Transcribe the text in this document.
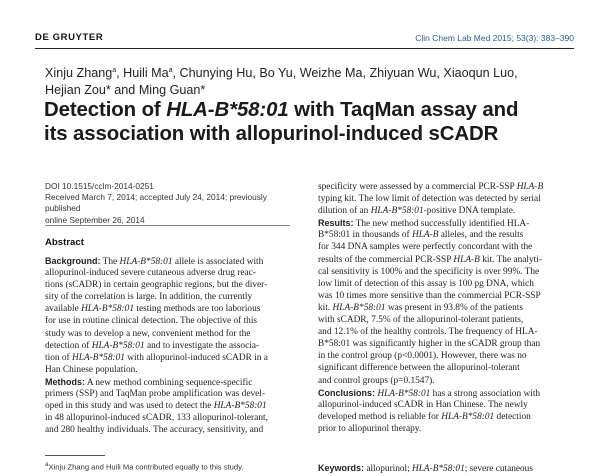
DE GRUYTER	Clin Chem Lab Med 2015; 53(3): 383–390
Xinju Zhang$^a$, Huili Ma$^a$, Chunying Hu, Bo Yu, Weizhe Ma, Zhiyuan Wu, Xiaoqun Luo,
Hejian Zou* and Ming Guan*
Detection of HLA-B*58:01 with TaqMan assay and
its association with allopurinol-induced sCADR
DOI 10.1515/cclm-2014-0251
Received March 7, 2014; accepted July 24, 2014; previously published
online September 26, 2014
Abstract
Background: The HLA-B*58:01 allele is associated with
allopurinol-induced severe cutaneous adverse drug reac-
tions (sCADR) in certain geographic regions, but the diver-
sity of the correlation is large. In addition, the currently
available HLA-B*58:01 testing methods are too laborious
for use in routine clinical detection. The objective of this
study was to develop a new, convenient method for the
detection of HLA-B*58:01 and to investigate the associa-
tion of HLA-B*58:01 with allopurinol-induced sCADR in a
Han Chinese population.
Methods: A new method combining sequence-specific
primers (SSP) and TaqMan probe amplification was devel-
oped in this study and was used to detect the HLA-B*58:01
in 48 allopurinol-induced sCADR, 133 allopurinol-tolerant,
and 280 healthy individuals. The accuracy, sensitivity, and
specificity were assessed by a commercial PCR-SSP HLA-B
typing kit. The low limit of detection was detected by serial
dilution of an HLA-B*58:01-positive DNA template.
Results: The new method successfully identified HLA-
B*58:01 in thousands of HLA-B alleles, and the results
for 344 DNA samples were perfectly concordant with the
results of the commercial PCR-SSP HLA-B kit. The analyti-
cal sensitivity is 100% and the specificity is over 99%. The
low limit of detection of this assay is 100 pg DNA, which
was 10 times more sensitive than the commercial PCR-SSP
kit. HLA-B*58:01 was present in 93.8% of the patients
with sCADR, 7.5% of the allopurinol-tolerant patients,
and 12.1% of the healthy controls. The frequency of HLA-
B*58:01 was significantly higher in the sCADR group than
in the control group (p<0.0001). However, there was no
significant difference between the allopurinol-tolerant
and control groups (p=0.1547).
Conclusions: HLA-B*58:01 has a strong association with
allopurinol-induced sCADR in Han Chinese. The newly
developed method is reliable for HLA-B*58:01 detection
prior to allopurinol therapy.
$^a$Xinju Zhang and Huili Ma contributed equally to this study.	Keywords: allopurinol; HLA-B*58:01; severe cutaneous
